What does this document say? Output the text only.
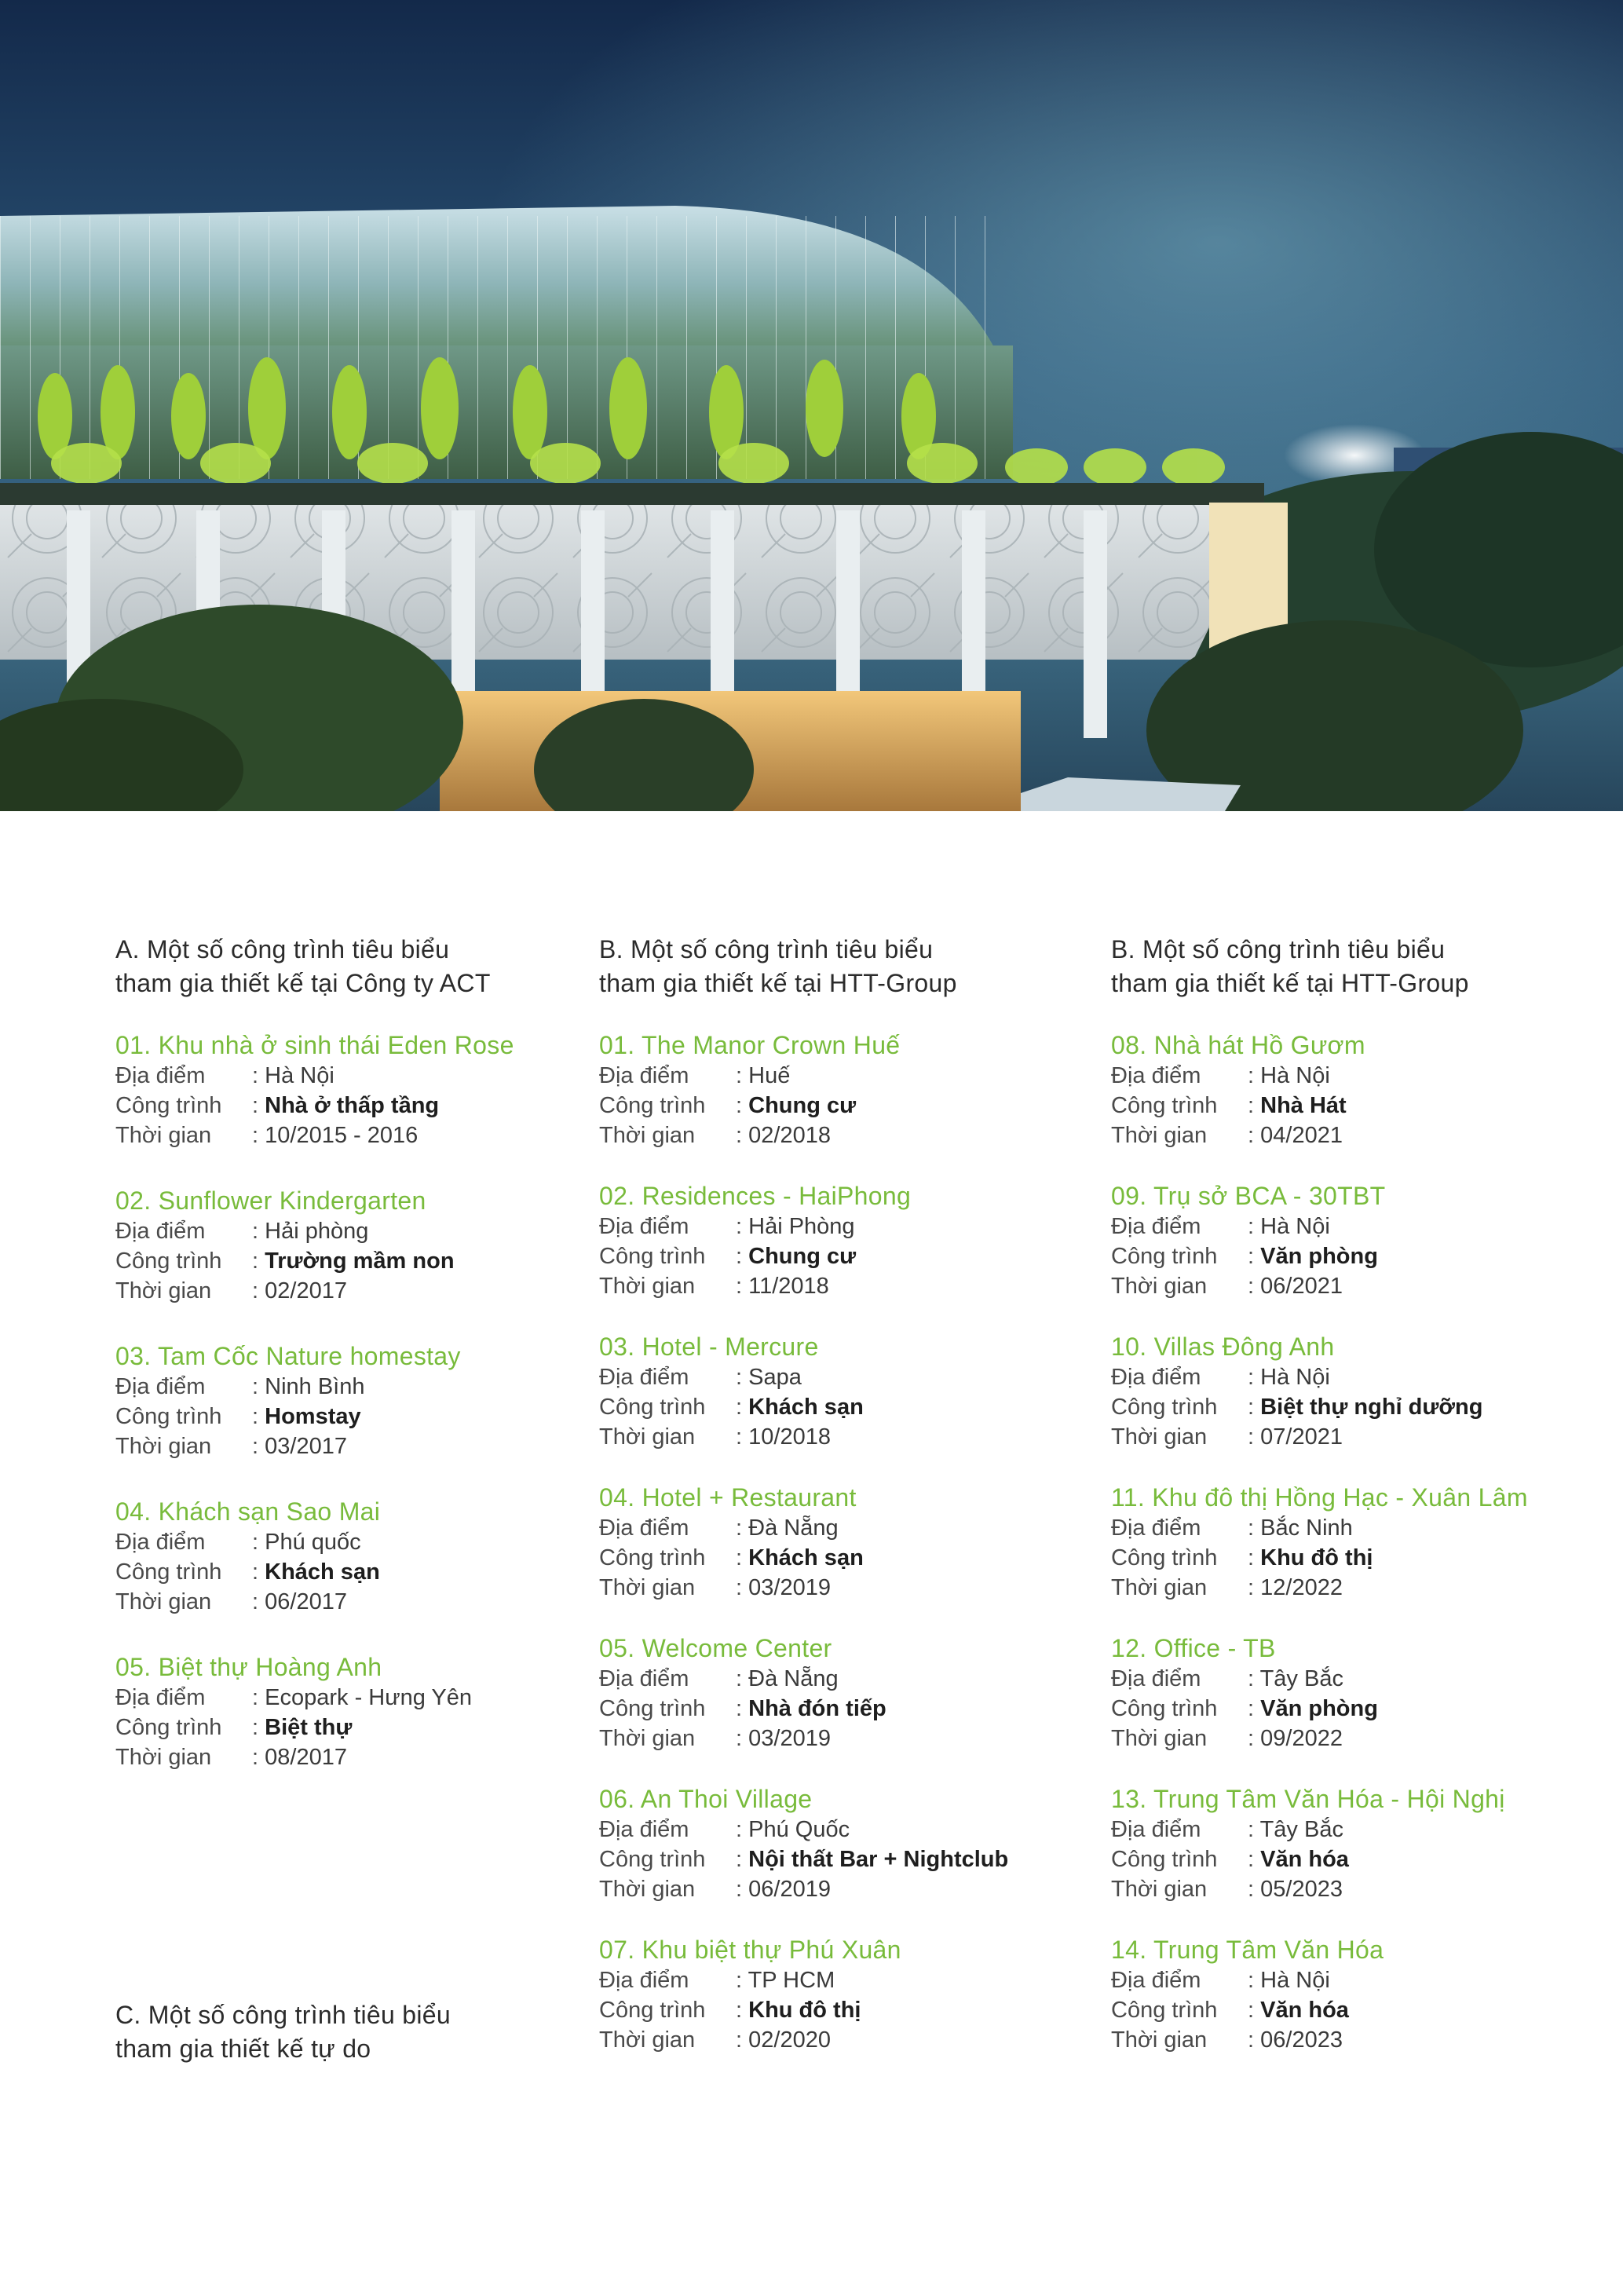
A. Một số công trình tiêu biểu
tham gia thiết kế tại Công ty ACT
01. Khu nhà ở sinh thái Eden Rose
Địa điểm : Hà Nội
Công trình : Nhà ở thấp tầng
Thời gian : 10/2015 - 2016
02. Sunflower Kindergarten
Địa điểm : Hải phòng
Công trình : Trường mầm non
Thời gian : 02/2017
03. Tam Cốc Nature homestay
Địa điểm : Ninh Bình
Công trình : Homstay
Thời gian : 03/2017
04. Khách sạn Sao Mai
Địa điểm : Phú quốc
Công trình : Khách sạn
Thời gian : 06/2017
05. Biệt thự Hoàng Anh
Địa điểm : Ecopark - Hưng Yên
Công trình : Biệt thự
Thời gian : 08/2017
B. Một số công trình tiêu biểu
tham gia thiết kế tại HTT-Group
01. The Manor Crown Huế
Địa điểm : Huế
Công trình : Chung cư
Thời gian : 02/2018
02. Residences - HaiPhong
Địa điểm : Hải Phòng
Công trình : Chung cư
Thời gian : 11/2018
03. Hotel - Mercure
Địa điểm : Sapa
Công trình : Khách sạn
Thời gian : 10/2018
04. Hotel + Restaurant
Địa điểm : Đà Nẵng
Công trình : Khách sạn
Thời gian : 03/2019
05. Welcome Center
Địa điểm : Đà Nẵng
Công trình : Nhà đón tiếp
Thời gian : 03/2019
06. An Thoi Village
Địa điểm : Phú Quốc
Công trình : Nội thất Bar + Nightclub
Thời gian : 06/2019
07. Khu biệt thự Phú Xuân
Địa điểm : TP HCM
Công trình : Khu đô thị
Thời gian : 02/2020
B. Một số công trình tiêu biểu
tham gia thiết kế tại HTT-Group
08. Nhà hát Hồ Gươm
Địa điểm : Hà Nội
Công trình : Nhà Hát
Thời gian : 04/2021
09. Trụ sở BCA - 30TBT
Địa điểm : Hà Nội
Công trình : Văn phòng
Thời gian : 06/2021
10. Villas Đông Anh
Địa điểm : Hà Nội
Công trình : Biệt thự nghỉ dưỡng
Thời gian : 07/2021
11. Khu đô thị Hồng Hạc - Xuân Lâm
Địa điểm : Bắc Ninh
Công trình : Khu đô thị
Thời gian : 12/2022
12. Office - TB
Địa điểm : Tây Bắc
Công trình : Văn phòng
Thời gian : 09/2022
13. Trung Tâm Văn Hóa - Hội Nghị
Địa điểm : Tây Bắc
Công trình : Văn hóa
Thời gian : 05/2023
14. Trung Tâm Văn Hóa
Địa điểm : Hà Nội
Công trình : Văn hóa
Thời gian : 06/2023
C. Một số công trình tiêu biểu
tham gia thiết kế tự do
